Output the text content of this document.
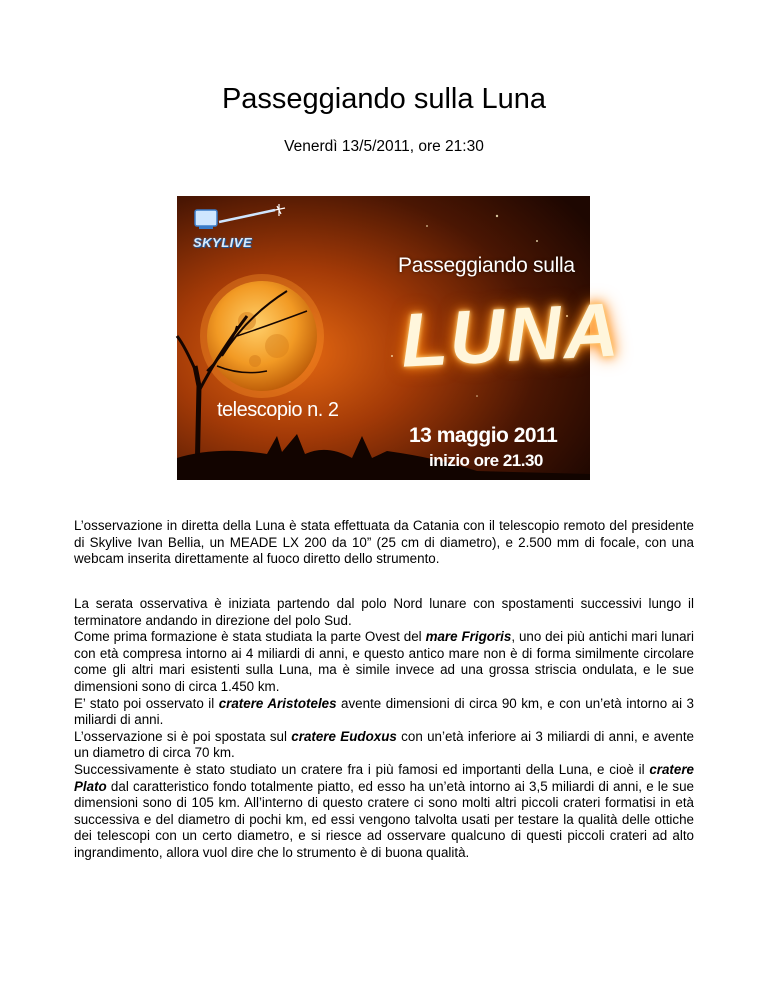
Passeggiando sulla Luna
Venerdì 13/5/2011, ore 21:30
SKYLIVE
Passeggiando sulla
LUNA
telescopio n. 2
13 maggio 2011
inizio ore 21.30

L’osservazione in diretta della Luna è stata effettuata da Catania con il telescopio remoto del presidente di Skylive Ivan Bellia, un MEADE LX 200 da 10” (25 cm di diametro), e 2.500 mm di focale, con una webcam inserita direttamente al fuoco diretto dello strumento.

La serata osservativa è iniziata partendo dal polo Nord lunare con spostamenti successivi lungo il terminatore andando in direzione del polo Sud.

Come prima formazione è stata studiata la parte Ovest del mare Frigoris, uno dei più antichi mari lunari con età compresa intorno ai 4 miliardi di anni, e questo antico mare non è di forma similmente circolare come gli altri mari esistenti sulla Luna, ma è simile invece ad una grossa striscia ondulata, e le sue dimensioni sono di circa 1.450 km.

E’ stato poi osservato il cratere Aristoteles avente dimensioni di circa 90 km, e con un’età intorno ai 3 miliardi di anni.

L’osservazione si è poi spostata sul cratere Eudoxus con un’età inferiore ai 3 miliardi di anni, e avente un diametro di circa 70 km.

Successivamente è stato studiato un cratere fra i più famosi ed importanti della Luna, e cioè il cratere Plato dal caratteristico fondo totalmente piatto, ed esso ha un’età intorno ai 3,5 miliardi di anni, e le sue dimensioni sono di 105 km. All’interno di questo cratere ci sono molti altri piccoli crateri formatisi in età successiva e del diametro di pochi km, ed essi vengono talvolta usati per testare la qualità delle ottiche dei telescopi con un certo diametro, e si riesce ad osservare qualcuno di questi piccoli crateri ad alto ingrandimento, allora vuol dire che lo strumento è di buona qualità.
